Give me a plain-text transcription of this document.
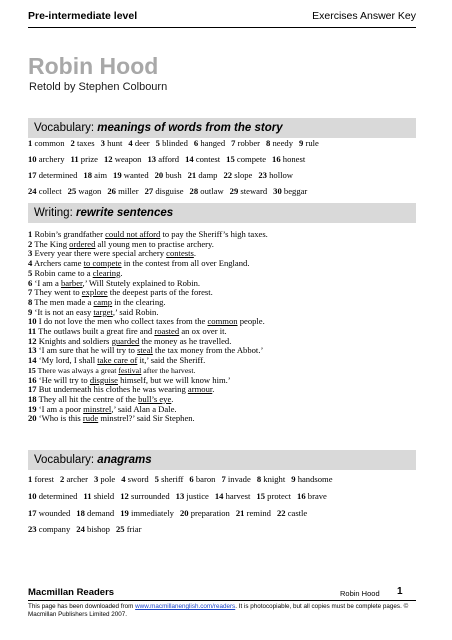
Pre-intermediate level	Exercises Answer Key
Robin Hood
Retold by Stephen Colbourn
Vocabulary: meanings of words from the story
1 common 2 taxes 3 hunt 4 deer 5 blinded 6 hanged 7 robber 8 needy 9 rule
10 archery 11 prize 12 weapon 13 afford 14 contest 15 compete 16 honest
17 determined 18 aim 19 wanted 20 bush 21 damp 22 slope 23 hollow
24 collect 25 wagon 26 miller 27 disguise 28 outlaw 29 steward 30 beggar
Writing: rewrite sentences

1 Robin’s grandfather could not afford to pay the Sheriff’s high taxes.

2 The King ordered all young men to practise archery.

3 Every year there were special archery contests.

4 Archers came to compete in the contest from all over England.

5 Robin came to a clearing.

6 ‘I am a barber,’ Will Stutely explained to Robin.

7 They went to explore the deepest parts of the forest.

8 The men made a camp in the clearing.

9 ‘It is not an easy target,’ said Robin.

10 I do not love the men who collect taxes from the common people.

11 The outlaws built a great fire and roasted an ox over it.

12 Knights and soldiers guarded the money as he travelled.

13 ‘I am sure that he will try to steal the tax money from the Abbot.’

14 ‘My lord, I shall take care of it,’ said the Sheriff.

15 There was always a great festival after the harvest.

16 ‘He will try to disguise himself, but we will know him.’

17 But underneath his clothes he was wearing armour.

18 They all hit the centre of the bull’s eye.

19 ‘I am a poor minstrel,’ said Alan a Dale.

20 ‘Who is this rude minstrel?’ said Sir Stephen.

Vocabulary: anagrams
1 forest 2 archer 3 pole 4 sword 5 sheriff 6 baron 7 invade 8 knight 9 handsome
10 determined 11 shield 12 surrounded 13 justice 14 harvest 15 protect 16 brave
17 wounded 18 demand 19 immediately 20 preparation 21 remind 22 castle
23 company 24 bishop 25 friar
Macmillan Readers	Robin Hood 1
This page has been downloaded from www.macmillanenglish.com/readers. It is photocopiable, but all copies must be complete pages. © Macmillan Publishers Limited 2007.
